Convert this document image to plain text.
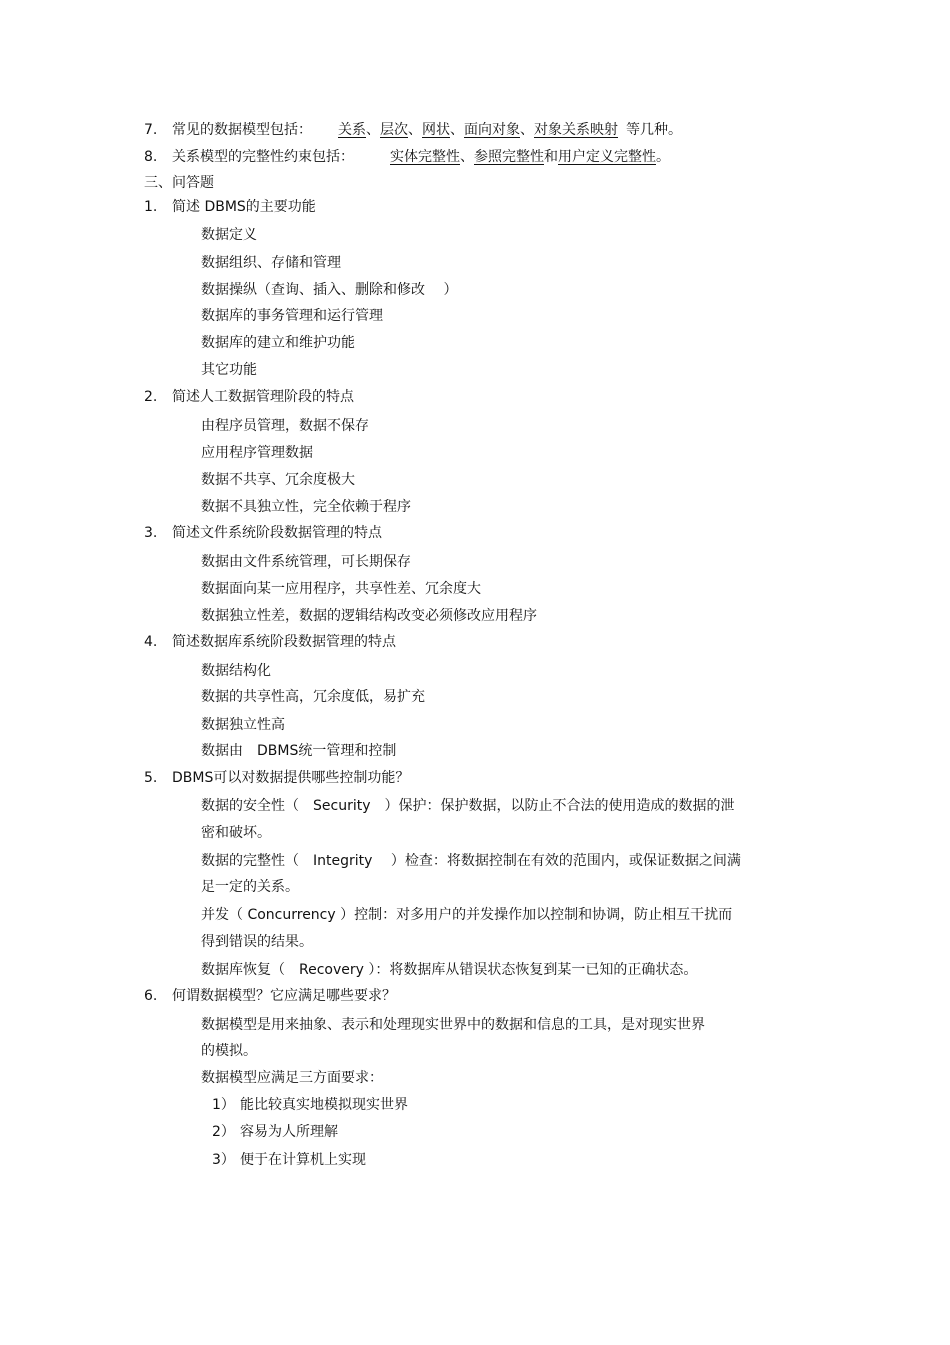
7. 常见的数据模型包括： 关系、层次、网状、面向对象、对象关系映射 等几种。
8. 关系模型的完整性约束包括：	实体完整性、参照完整性和用户定义完整性。
三、问答题
1. 简述 DBMS的主要功能
数据定义
数据组织、存储和管理
数据操纵（查询、插入、删除和修改　 ）
数据库的事务管理和运行管理
数据库的建立和维护功能
其它功能
2. 简述人工数据管理阶段的特点
由程序员管理，数据不保存
应用程序管理数据
数据不共享、冗余度极大
数据不具独立性，完全依赖于程序
3. 简述文件系统阶段数据管理的特点
数据由文件系统管理，可长期保存
数据面向某一应用程序，共享性差、冗余度大
数据独立性差，数据的逻辑结构改变必须修改应用程序
4. 简述数据库系统阶段数据管理的特点
数据结构化
数据的共享性高，冗余度低，易扩充
数据独立性高
数据由　DBMS统一管理和控制
5. DBMS可以对数据提供哪些控制功能？
数据的安全性（　Security　）保护：保护数据，以防止不合法的使用造成的数据的泄
密和破坏。
数据的完整性（　Integrity　 ）检查：将数据控制在有效的范围内，或保证数据之间满
足一定的关系。
并发（ Concurrency ）控制：对多用户的并发操作加以控制和协调，防止相互干扰而
得到错误的结果。
数据库恢复（　Recovery ）：将数据库从错误状态恢复到某一已知的正确状态。
6. 何谓数据模型？它应满足哪些要求？
数据模型是用来抽象、表示和处理现实世界中的数据和信息的工具，是对现实世界
的模拟。
数据模型应满足三方面要求：
1） 能比较真实地模拟现实世界
2） 容易为人所理解
3） 便于在计算机上实现
